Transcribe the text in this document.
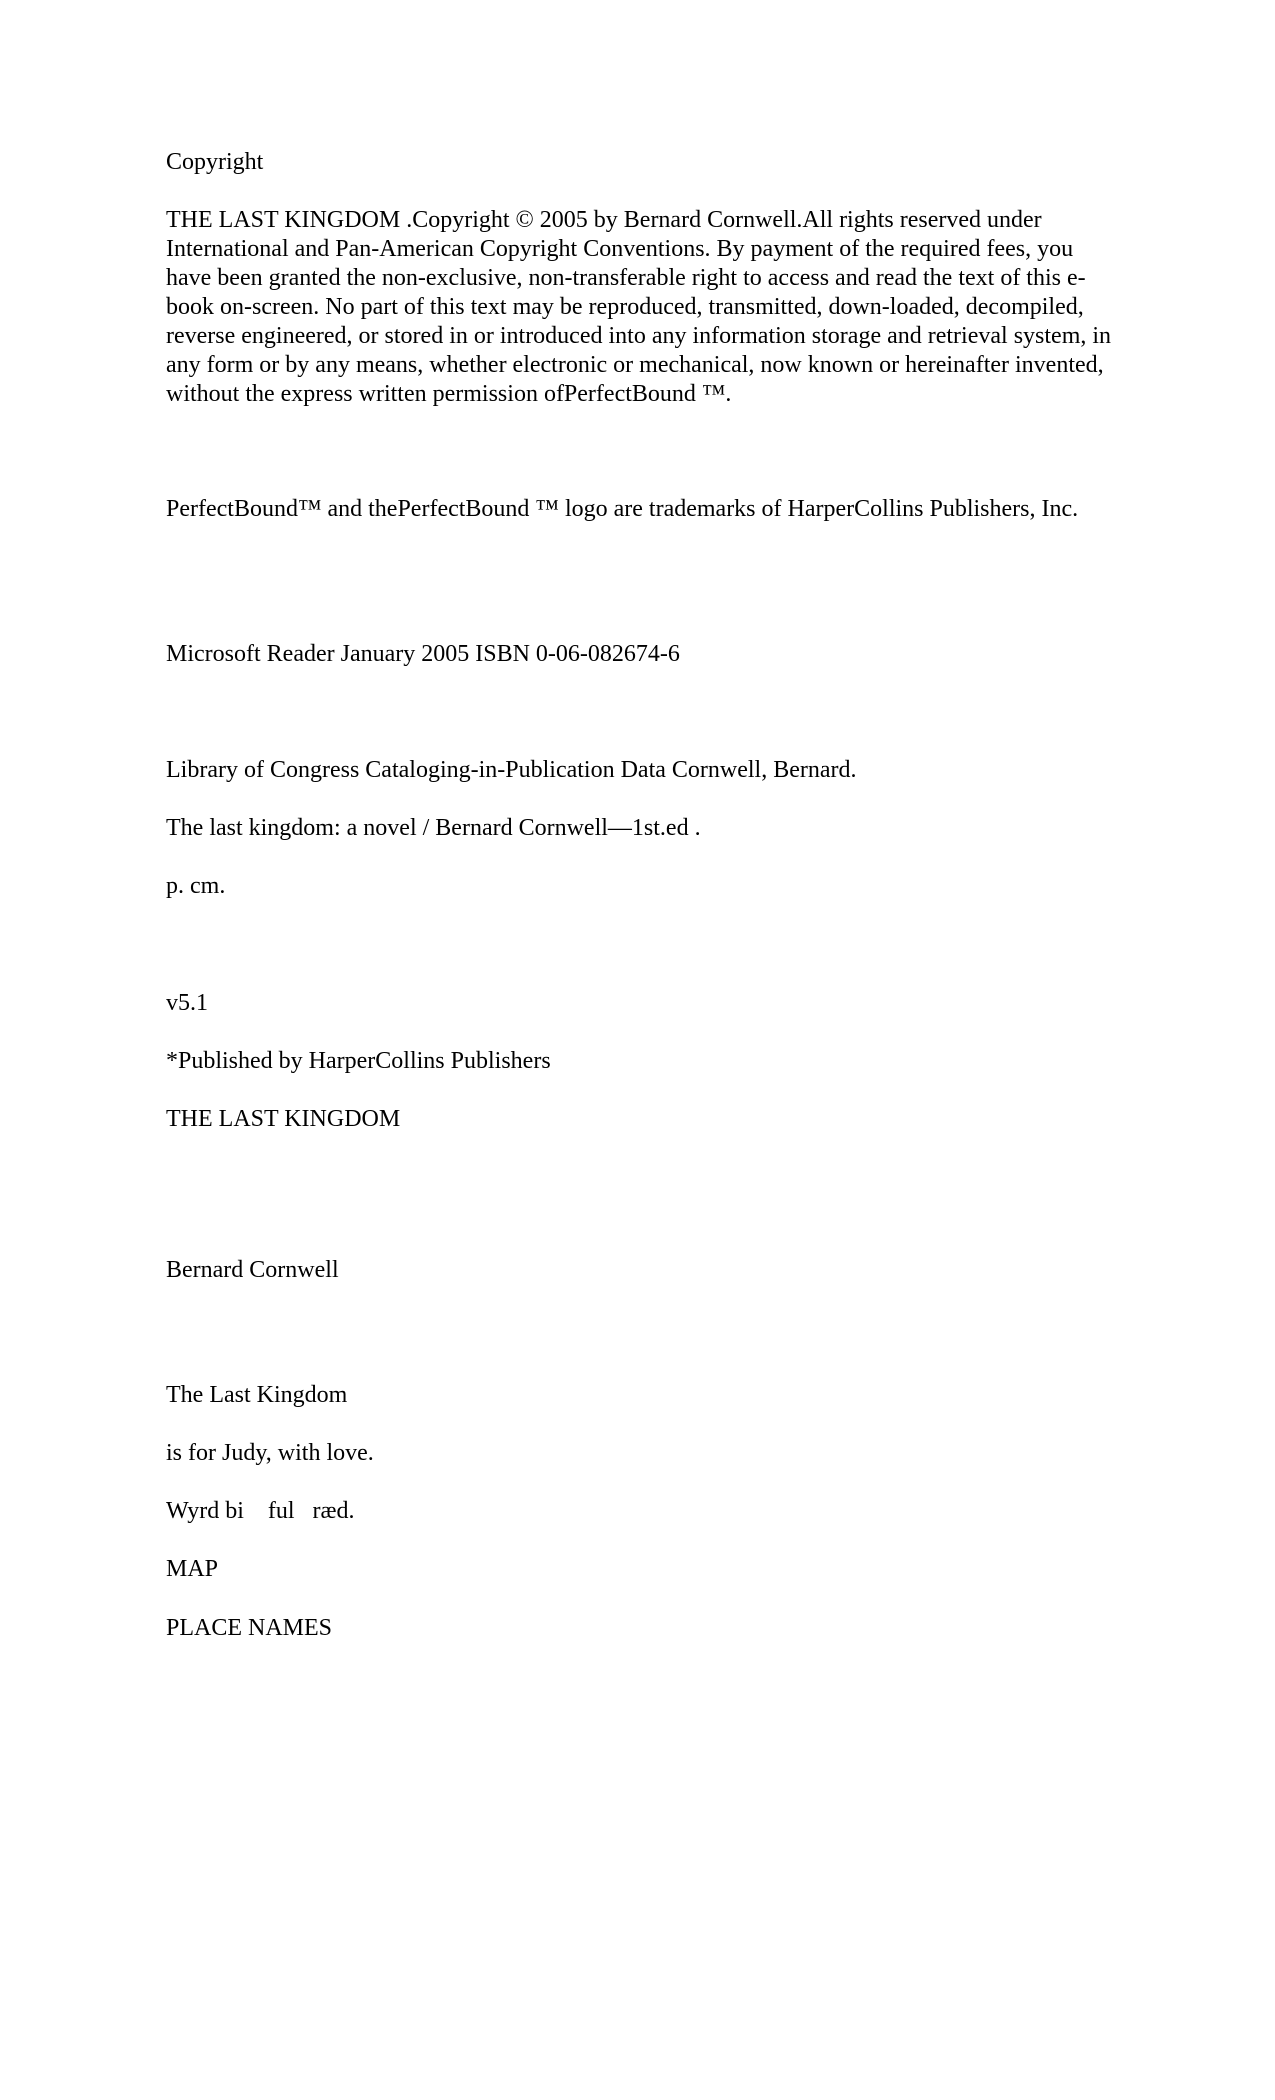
Copyright

THE LAST KINGDOM .Copyright © 2005 by Bernard Cornwell.All rights reserved under International and Pan-American Copyright Conventions. By payment of the required fees, you have been granted the non-exclusive, non-transferable right to access and read the text of this e-book on-screen. No part of this text may be reproduced, transmitted, down-loaded, decompiled, reverse engineered, or stored in or introduced into any information storage and retrieval system, in any form or by any means, whether electronic or mechanical, now known or hereinafter invented, without the express written permission ofPerfectBound ™.

PerfectBound™ and thePerfectBound ™ logo are trademarks of HarperCollins Publishers, Inc.

Microsoft Reader January 2005 ISBN 0-06-082674-6

Library of Congress Cataloging-in-Publication Data Cornwell, Bernard.

The last kingdom: a novel / Bernard Cornwell—1st.ed .

p. cm.

v5.1

*Published by HarperCollins Publishers

THE LAST KINGDOM

Bernard Cornwell

The Last Kingdom

is for Judy, with love.

Wyrd bi    ful   ræd.

MAP

PLACE NAMES
